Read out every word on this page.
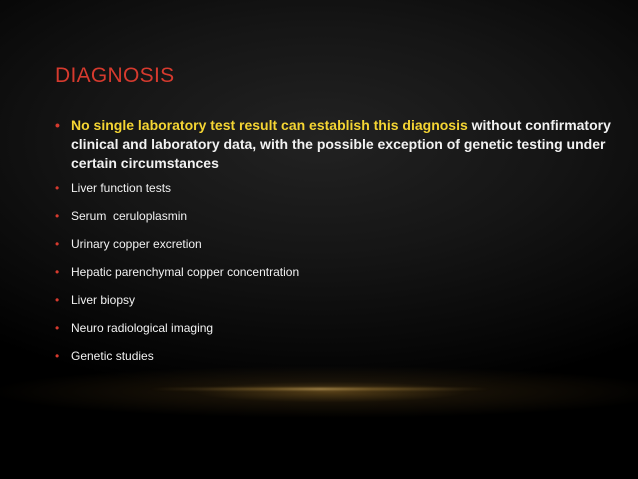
DIAGNOSIS
• No single laboratory test result can establish this diagnosis without confirmatory clinical and laboratory data, with the possible exception of genetic testing under certain circumstances
• Liver function tests
• Serum  ceruloplasmin
• Urinary copper excretion
• Hepatic parenchymal copper concentration
• Liver biopsy
• Neuro radiological imaging
• Genetic studies
